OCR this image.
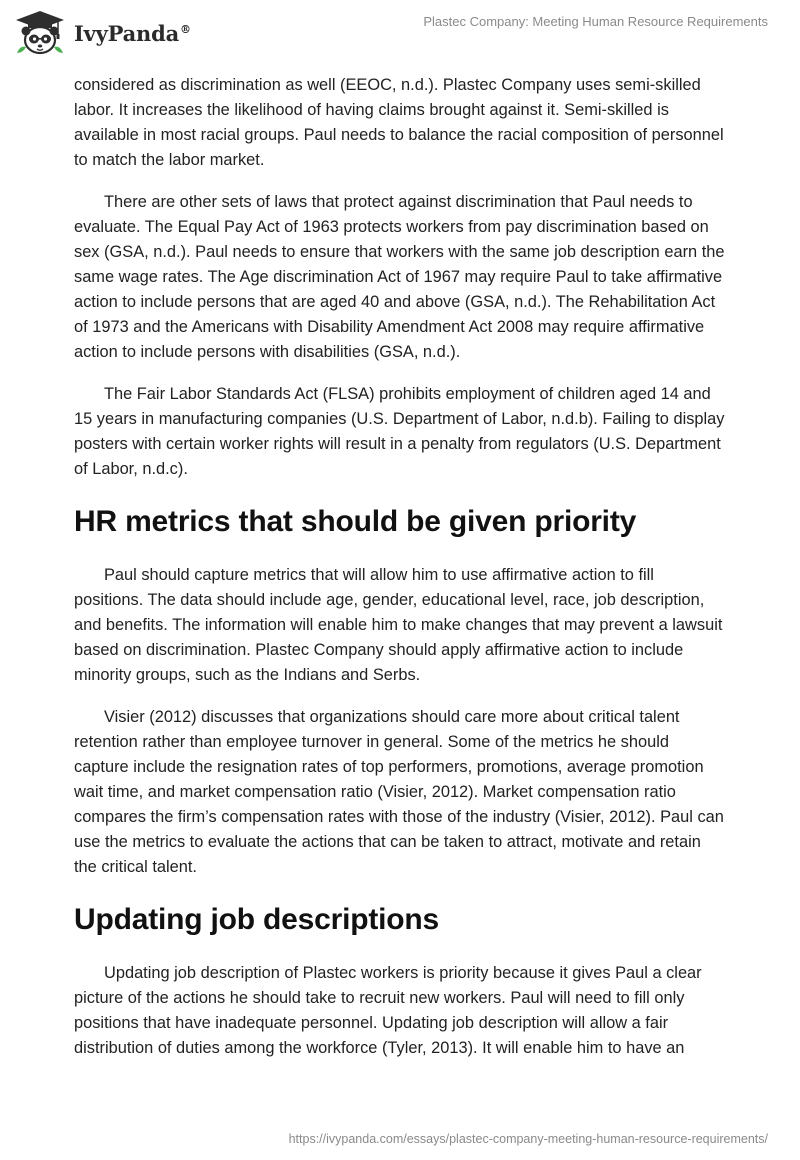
IvyPanda®	Plastec Company: Meeting Human Resource Requirements

considered as discrimination as well (EEOC, n.d.). Plastec Company uses semi-skilled labor. It increases the likelihood of having claims brought against it. Semi-skilled is available in most racial groups. Paul needs to balance the racial composition of personnel to match the labor market.

There are other sets of laws that protect against discrimination that Paul needs to evaluate. The Equal Pay Act of 1963 protects workers from pay discrimination based on sex (GSA, n.d.). Paul needs to ensure that workers with the same job description earn the same wage rates. The Age discrimination Act of 1967 may require Paul to take affirmative action to include persons that are aged 40 and above (GSA, n.d.). The Rehabilitation Act of 1973 and the Americans with Disability Amendment Act 2008 may require affirmative action to include persons with disabilities (GSA, n.d.).

The Fair Labor Standards Act (FLSA) prohibits employment of children aged 14 and 15 years in manufacturing companies (U.S. Department of Labor, n.d.b). Failing to display posters with certain worker rights will result in a penalty from regulators (U.S. Department of Labor, n.d.c).

HR metrics that should be given priority

Paul should capture metrics that will allow him to use affirmative action to fill positions. The data should include age, gender, educational level, race, job description, and benefits. The information will enable him to make changes that may prevent a lawsuit based on discrimination. Plastec Company should apply affirmative action to include minority groups, such as the Indians and Serbs.

Visier (2012) discusses that organizations should care more about critical talent retention rather than employee turnover in general. Some of the metrics he should capture include the resignation rates of top performers, promotions, average promotion wait time, and market compensation ratio (Visier, 2012). Market compensation ratio compares the firm’s compensation rates with those of the industry (Visier, 2012). Paul can use the metrics to evaluate the actions that can be taken to attract, motivate and retain the critical talent.

Updating job descriptions

Updating job description of Plastec workers is priority because it gives Paul a clear picture of the actions he should take to recruit new workers. Paul will need to fill only positions that have inadequate personnel. Updating job description will allow a fair distribution of duties among the workforce (Tyler, 2013). It will enable him to have an

https://ivypanda.com/essays/plastec-company-meeting-human-resource-requirements/
